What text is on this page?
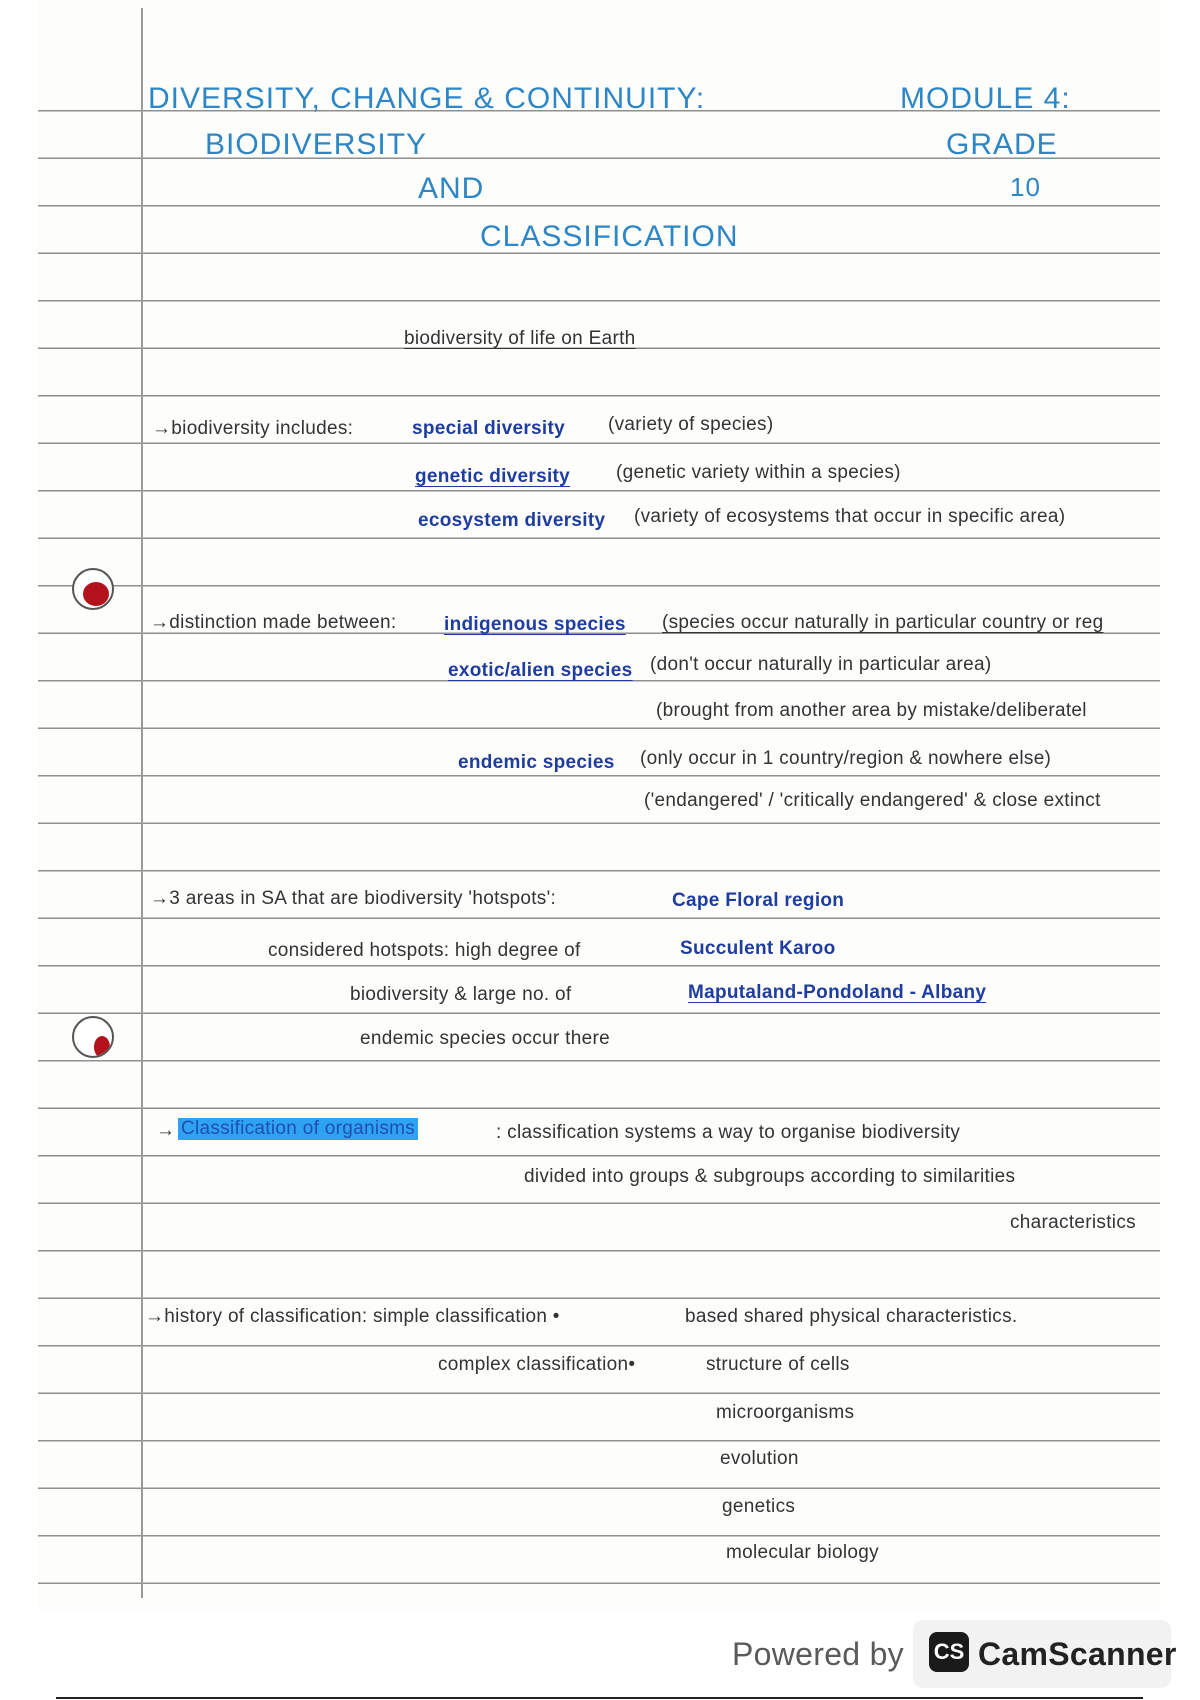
DIVERSITY, CHANGE & CONTINUITY:
BIODIVERSITY
AND
CLASSIFICATION
MODULE 4:
GRADE
10
biodiversity of life on Earth
→biodiversity includes:	special diversity (variety of species)
genetic diversity (genetic variety within a species)
ecosystem diversity (variety of ecosystems that occur in specific area)
→distinction made between:	indigenous species (species occur naturally in particular country or reg
exotic/alien species (don't occur naturally in particular area)
(brought from another area by mistake/deliberatel
endemic species (only occur in 1 country/region & nowhere else)
('endangered' / 'critically endangered' & close extinct
→3 areas in SA that are biodiversity 'hotspots':	Cape Floral region
Succulent Karoo
Maputaland-Pondoland - Albany
considered hotspots: high degree of
biodiversity & large no. of
endemic species occur there
→ Classification of organisms	: classification systems a way to organise biodiversity
divided into groups & subgroups according to similarities
characteristics
→history of classification: simple classification •	based shared physical characteristics.
complex classification•	structure of cells
microorganisms
evolution
genetics
molecular biology
Powered by CS CamScanner
